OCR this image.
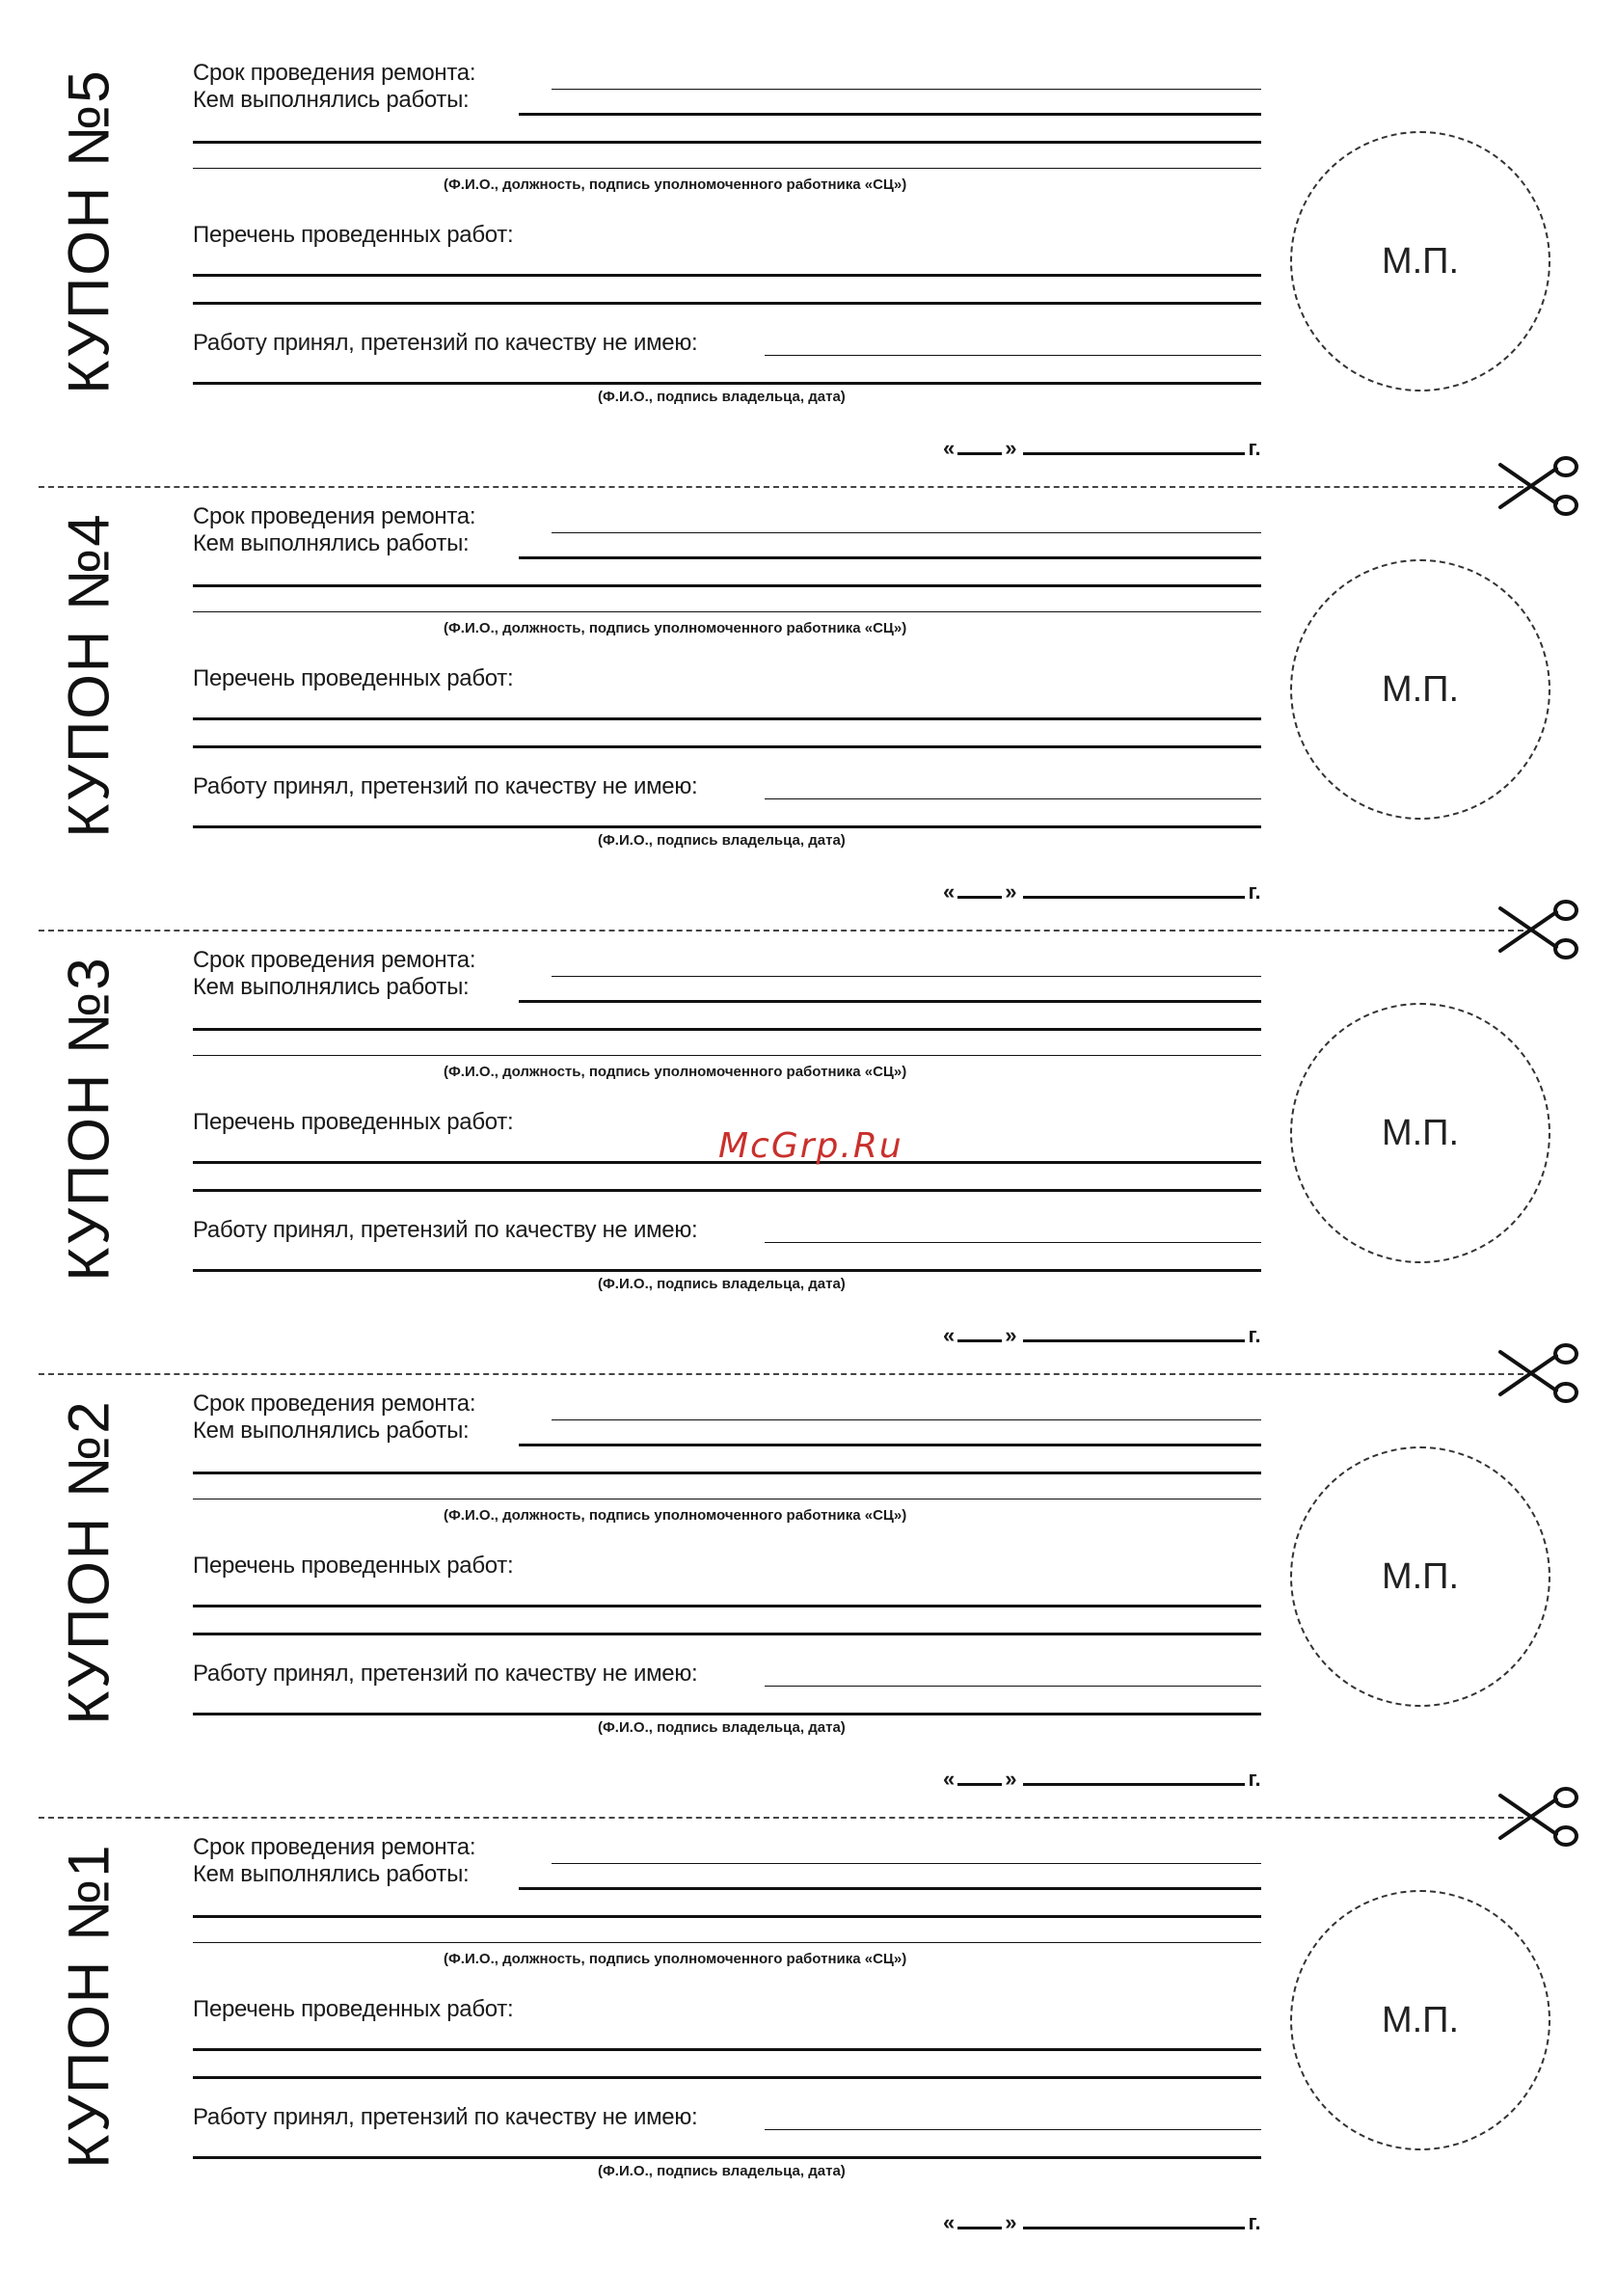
КУПОН №5	Срок проведения ремонта:
Кем выполнялись работы:
(Ф.И.О., должность, подпись уполномоченного работника «СЦ»)
Перечень проведенных работ:
Работу принял, претензий по качеству не имею:
(Ф.И.О., подпись владельца, дата)
« »	г.
М.П.
КУПОН №4	Срок проведения ремонта:
Кем выполнялись работы:
(Ф.И.О., должность, подпись уполномоченного работника «СЦ»)
Перечень проведенных работ:
Работу принял, претензий по качеству не имею:
(Ф.И.О., подпись владельца, дата)
« »	г.
М.П.
КУПОН №3	Срок проведения ремонта:
Кем выполнялись работы:
(Ф.И.О., должность, подпись уполномоченного работника «СЦ»)
Перечень проведенных работ:
Работу принял, претензий по качеству не имею:
(Ф.И.О., подпись владельца, дата)
« »	г.
М.П.
КУПОН №2	Срок проведения ремонта:
Кем выполнялись работы:
(Ф.И.О., должность, подпись уполномоченного работника «СЦ»)
Перечень проведенных работ:
Работу принял, претензий по качеству не имею:
(Ф.И.О., подпись владельца, дата)
« »	г.
М.П.
КУПОН №1	Срок проведения ремонта:
Кем выполнялись работы:
(Ф.И.О., должность, подпись уполномоченного работника «СЦ»)
Перечень проведенных работ:
Работу принял, претензий по качеству не имею:
(Ф.И.О., подпись владельца, дата)
« »	г.
М.П.
McGrp.Ru
